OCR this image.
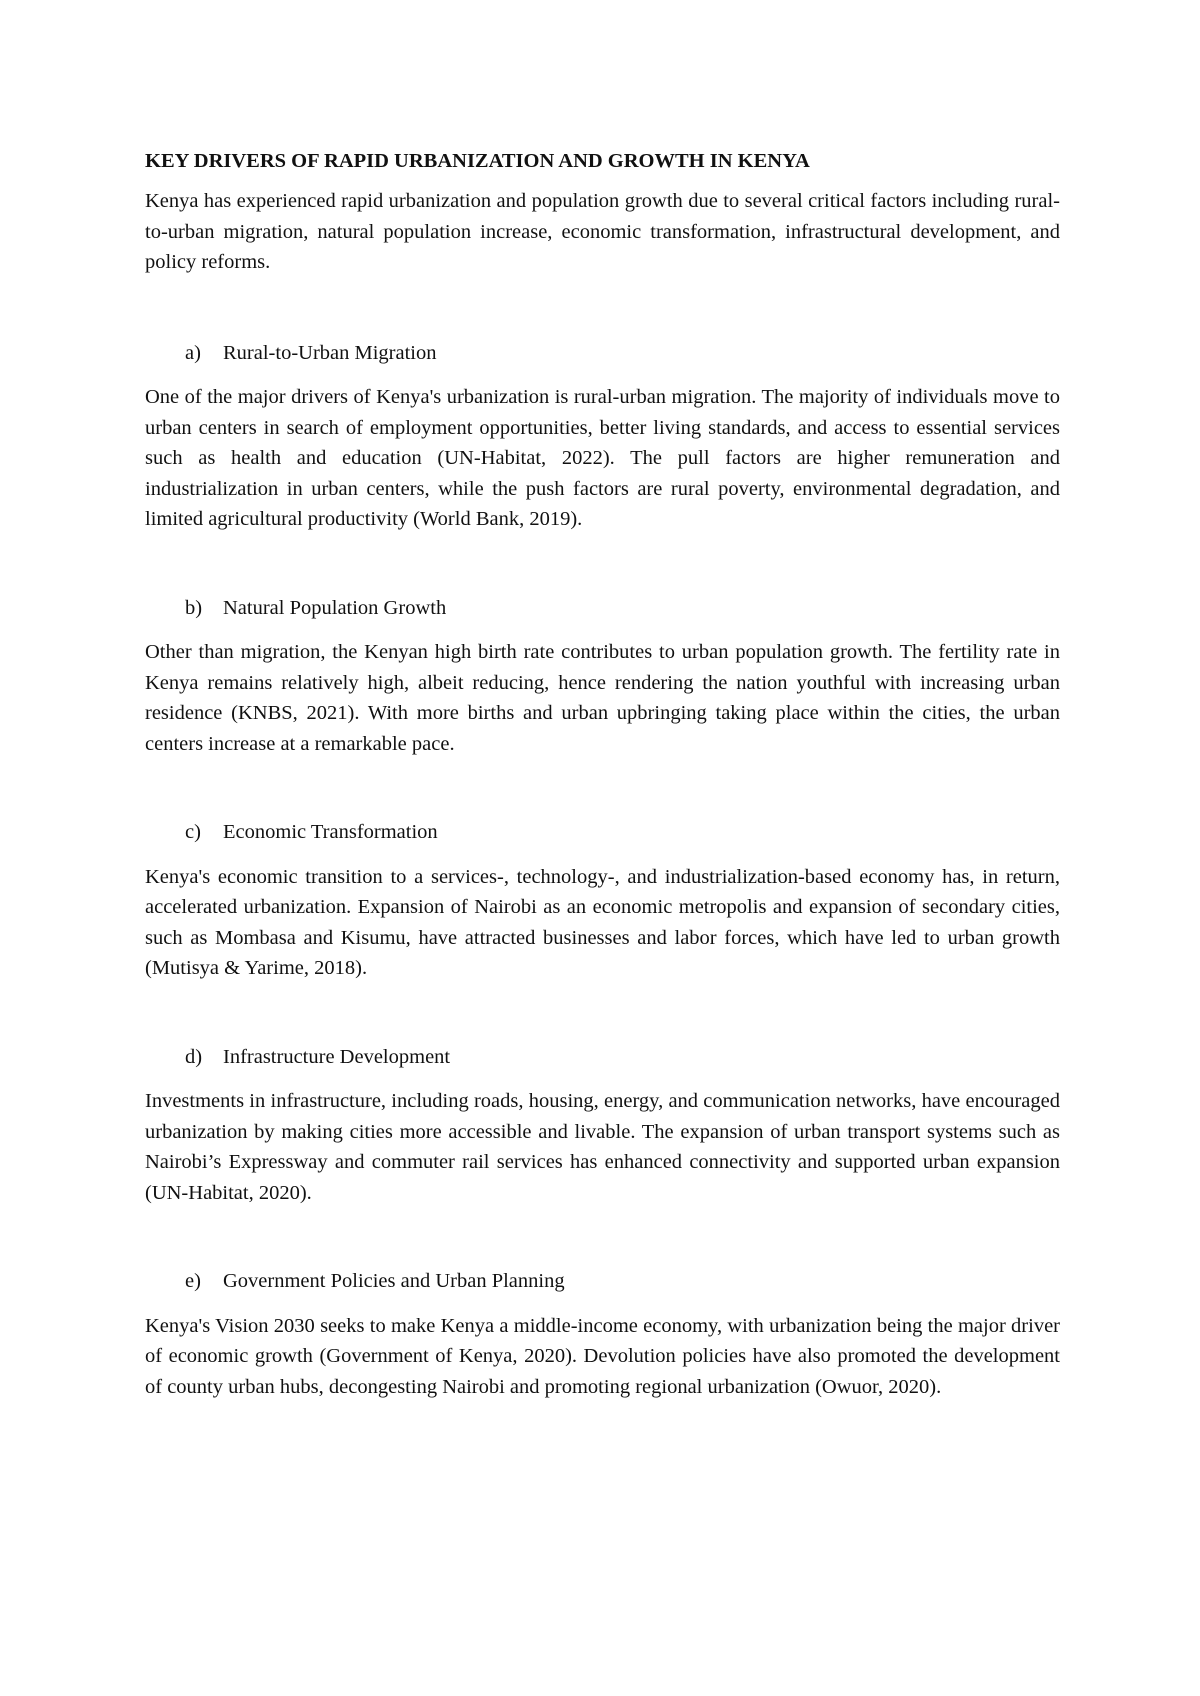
KEY DRIVERS OF RAPID URBANIZATION AND GROWTH IN KENYA

Kenya has experienced rapid urbanization and population growth due to several critical factors including rural-to-urban migration, natural population increase, economic transformation, infrastructural development, and policy reforms.

a)	Rural-to-Urban Migration

One of the major drivers of Kenya's urbanization is rural-urban migration. The majority of individuals move to urban centers in search of employment opportunities, better living standards, and access to essential services such as health and education (UN-Habitat, 2022). The pull factors are higher remuneration and industrialization in urban centers, while the push factors are rural poverty, environmental degradation, and limited agricultural productivity (World Bank, 2019).

b)	Natural Population Growth

Other than migration, the Kenyan high birth rate contributes to urban population growth. The fertility rate in Kenya remains relatively high, albeit reducing, hence rendering the nation youthful with increasing urban residence (KNBS, 2021). With more births and urban upbringing taking place within the cities, the urban centers increase at a remarkable pace.

c)	Economic Transformation

Kenya's economic transition to a services-, technology-, and industrialization-based economy has, in return, accelerated urbanization. Expansion of Nairobi as an economic metropolis and expansion of secondary cities, such as Mombasa and Kisumu, have attracted businesses and labor forces, which have led to urban growth (Mutisya & Yarime, 2018).

d)	Infrastructure Development

Investments in infrastructure, including roads, housing, energy, and communication networks, have encouraged urbanization by making cities more accessible and livable. The expansion of urban transport systems such as Nairobi’s Expressway and commuter rail services has enhanced connectivity and supported urban expansion (UN-Habitat, 2020).

e)	Government Policies and Urban Planning

Kenya's Vision 2030 seeks to make Kenya a middle-income economy, with urbanization being the major driver of economic growth (Government of Kenya, 2020). Devolution policies have also promoted the development of county urban hubs, decongesting Nairobi and promoting regional urbanization (Owuor, 2020).
